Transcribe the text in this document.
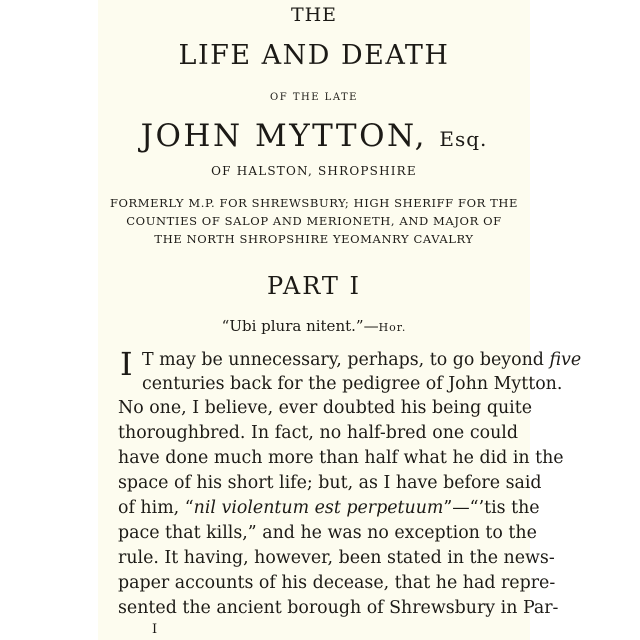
THE
LIFE AND DEATH
OF THE LATE
JOHN MYTTON, Esq.
OF HALSTON, SHROPSHIRE
FORMERLY M.P. FOR SHREWSBURY; HIGH SHERIFF FOR THE
COUNTIES OF SALOP AND MERIONETH, AND MAJOR OF
THE NORTH SHROPSHIRE YEOMANRY CAVALRY
PART I
“Ubi plura nitent.”—Hor.
I T may be unnecessary, perhaps, to go beyond five
centuries back for the pedigree of John Mytton.
No one, I believe, ever doubted his being quite
thoroughbred. In fact, no half-bred one could
have done much more than half what he did in the
space of his short life; but, as I have before said
of him, “nil violentum est perpetuum”—“’tis the
pace that kills,” and he was no exception to the
rule. It having, however, been stated in the news-
paper accounts of his decease, that he had repre-
sented the ancient borough of Shrewsbury in Par-
I
